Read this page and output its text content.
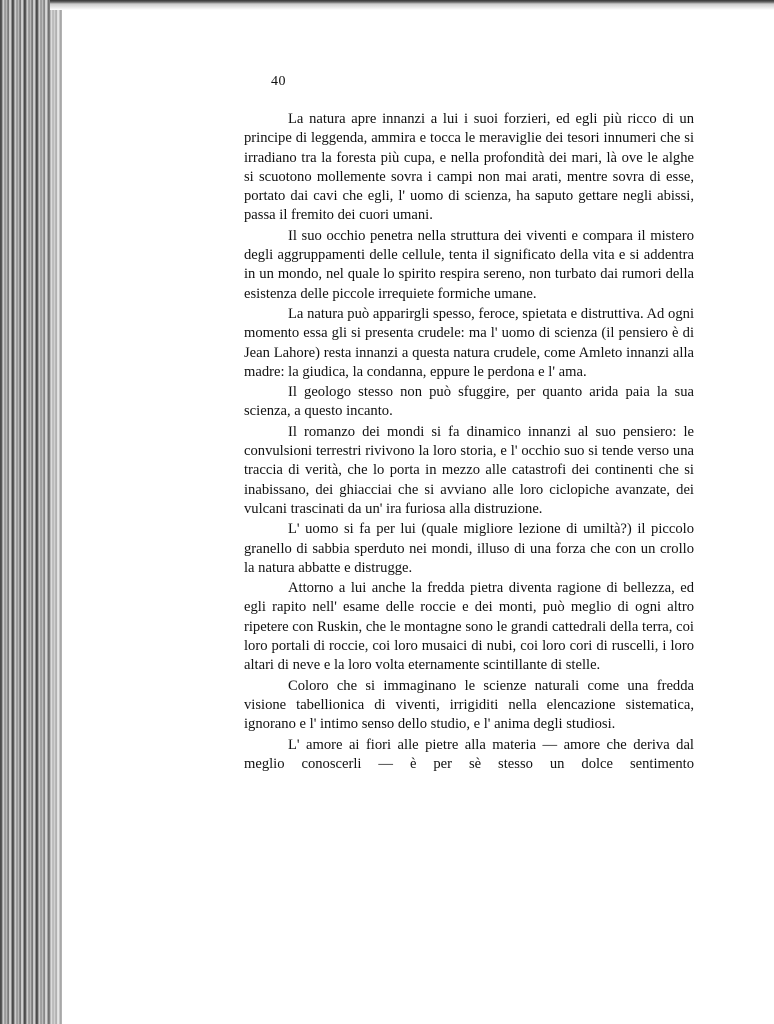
40

La natura apre innanzi a lui i suoi forzieri, ed egli più ricco di un principe di leggenda, ammira e tocca le meraviglie dei tesori innumeri che si irradiano tra la foresta più cupa, e nella profondità dei mari, là ove le alghe si scuotono mollemente sovra i campi non mai arati, mentre sovra di esse, portato dai cavi che egli, l' uomo di scienza, ha saputo gettare negli abissi, passa il fremito dei cuori umani.

Il suo occhio penetra nella struttura dei viventi e compara il mistero degli aggruppamenti delle cellule, tenta il significato della vita e si addentra in un mondo, nel quale lo spirito respira sereno, non turbato dai rumori della esistenza delle piccole irrequiete formiche umane.

La natura può apparirgli spesso, feroce, spietata e distruttiva. Ad ogni momento essa gli si presenta crudele: ma l' uomo di scienza (il pensiero è di Jean Lahore) resta innanzi a questa natura crudele, come Amleto innanzi alla madre: la giudica, la condanna, eppure le perdona e l' ama.

Il geologo stesso non può sfuggire, per quanto arida paia la sua scienza, a questo incanto.

Il romanzo dei mondi si fa dinamico innanzi al suo pensiero: le convulsioni terrestri rivivono la loro storia, e l' occhio suo si tende verso una traccia di verità, che lo porta in mezzo alle catastrofi dei continenti che si inabissano, dei ghiacciai che si avviano alle loro ciclopiche avanzate, dei vulcani trascinati da un' ira furiosa alla distruzione.

L' uomo si fa per lui (quale migliore lezione di umiltà?) il piccolo granello di sabbia sperduto nei mondi, illuso di una forza che con un crollo la natura abbatte e distrugge.

Attorno a lui anche la fredda pietra diventa ragione di bellezza, ed egli rapito nell' esame delle roccie e dei monti, può meglio di ogni altro ripetere con Ruskin, che le montagne sono le grandi cattedrali della terra, coi loro portali di roccie, coi loro musaici di nubi, coi loro cori di ruscelli, i loro altari di neve e la loro volta eternamente scintillante di stelle.

Coloro che si immaginano le scienze naturali come una fredda visione tabellionica di viventi, irrigiditi nella elencazione sistematica, ignorano e l' intimo senso dello studio, e l' anima degli studiosi.

L' amore ai fiori alle pietre alla materia — amore che deriva dal meglio conoscerli — è per sè stesso un dolce sentimento
